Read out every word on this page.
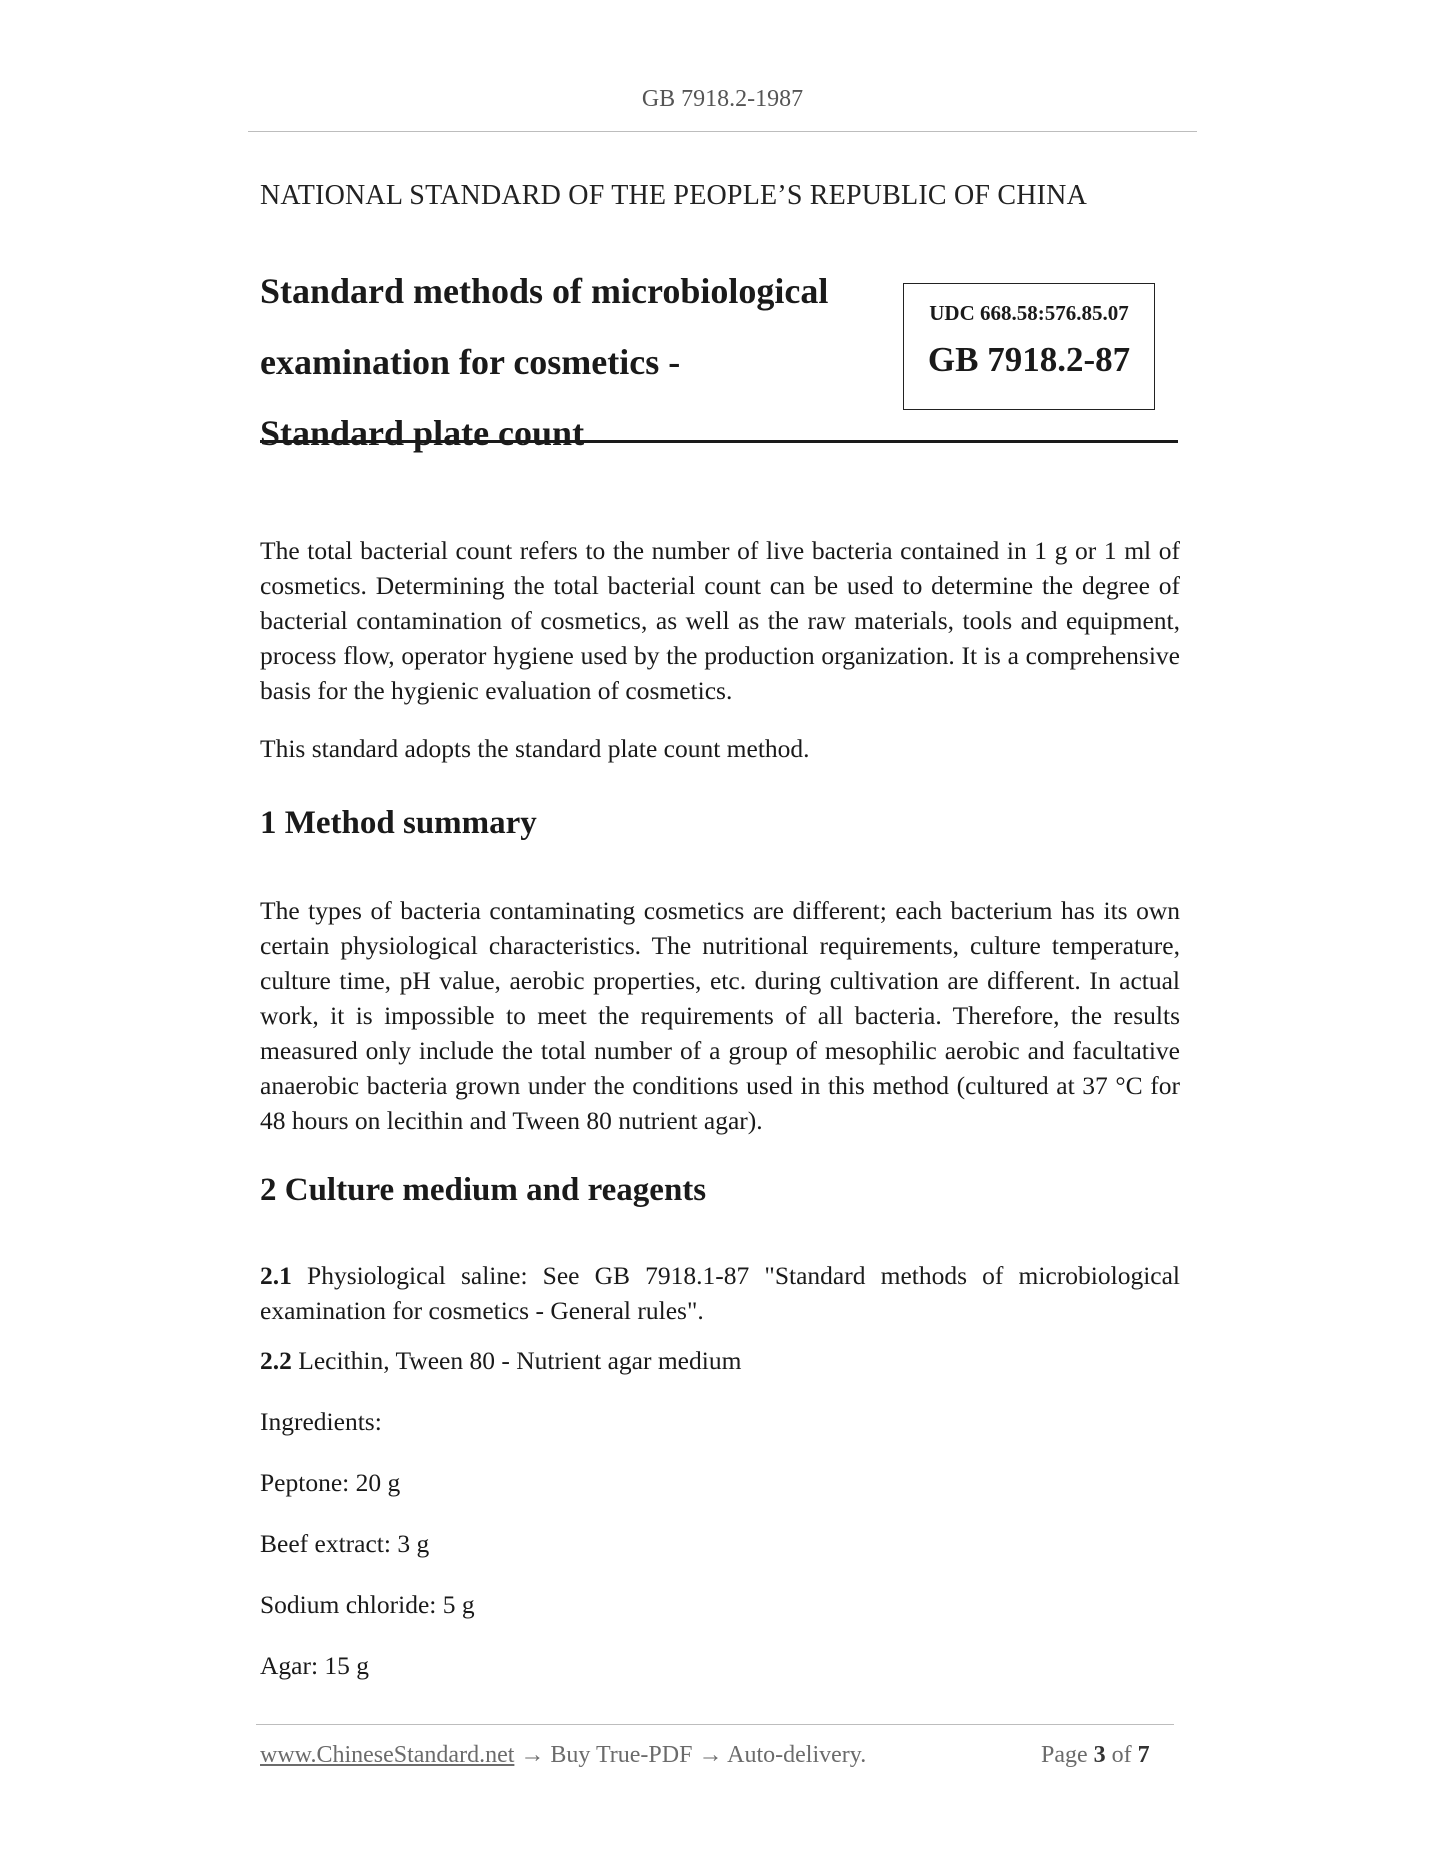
GB 7918.2-1987
NATIONAL STANDARD OF THE PEOPLE’S REPUBLIC OF CHINA
Standard methods of microbiological
examination for cosmetics -
Standard plate count
UDC 668.58:576.85.07
GB 7918.2-87
The total bacterial count refers to the number of live bacteria contained in 1 g or 1 ml of cosmetics. Determining the total bacterial count can be used to determine the degree of bacterial contamination of cosmetics, as well as the raw materials, tools and equipment, process flow, operator hygiene used by the production organization. It is a comprehensive basis for the hygienic evaluation of cosmetics.
This standard adopts the standard plate count method.
1 Method summary
The types of bacteria contaminating cosmetics are different; each bacterium has its own certain physiological characteristics. The nutritional requirements, culture temperature, culture time, pH value, aerobic properties, etc. during cultivation are different. In actual work, it is impossible to meet the requirements of all bacteria. Therefore, the results measured only include the total number of a group of mesophilic aerobic and facultative anaerobic bacteria grown under the conditions used in this method (cultured at 37 °C for 48 hours on lecithin and Tween 80 nutrient agar).
2 Culture medium and reagents
2.1 Physiological saline: See GB 7918.1-87 "Standard methods of microbiological examination for cosmetics - General rules".
2.2 Lecithin, Tween 80 - Nutrient agar medium
Ingredients:
Peptone: 20 g
Beef extract: 3 g
Sodium chloride: 5 g
Agar: 15 g
www.ChineseStandard.net → Buy True-PDF → Auto-delivery.	Page 3 of 7
